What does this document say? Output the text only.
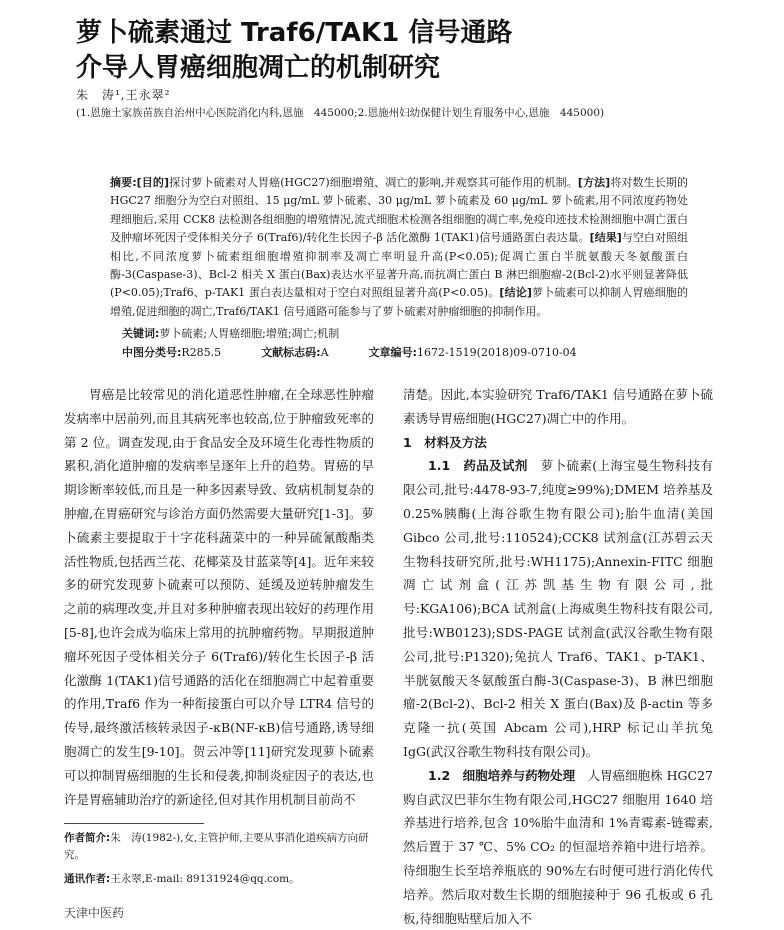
萝卜硫素通过 Traf6/TAK1 信号通路
介导人胃癌细胞凋亡的机制研究
朱　涛¹,王永翠²
(1.恩施土家族苗族自治州中心医院消化内科,恩施　445000;2.恩施州妇幼保健计划生育服务中心,恩施　445000)
摘要:[目的]探讨萝卜硫素对人胃癌(HGC27)细胞增殖、凋亡的影响,并观察其可能作用的机制。[方法]将对数生长期的 HGC27 细胞分为空白对照组、15 μg/mL 萝卜硫素、30 μg/mL 萝卜硫素及 60 μg/mL 萝卜硫素,用不同浓度药物处理细胞后,采用 CCK8 法检测各组细胞的增殖情况,流式细胞术检测各组细胞的凋亡率,免疫印迹技术检测细胞中凋亡蛋白及肿瘤坏死因子受体相关分子 6(Traf6)/转化生长因子-β 活化激酶 1(TAK1)信号通路蛋白表达量。[结果]与空白对照组相比,不同浓度萝卜硫素组细胞增殖抑制率及凋亡率明显升高(P<0.05);促凋亡蛋白半胱氨酸天冬氨酸蛋白酶-3(Caspase-3)、Bcl-2 相关 X 蛋白(Bax)表达水平显著升高,而抗凋亡蛋白 B 淋巴细胞瘤-2(Bcl-2)水平则显著降低(P<0.05);Traf6、p-TAK1 蛋白表达量相对于空白对照组显著升高(P<0.05)。[结论]萝卜硫素可以抑制人胃癌细胞的增殖,促进细胞的凋亡,Traf6/TAK1 信号通路可能参与了萝卜硫素对肿瘤细胞的抑制作用。
关键词:萝卜硫素;人胃癌细胞;增殖;凋亡;机制
中图分类号:R285.5	文献标志码:A	文章编号:1672-1519(2018)09-0710-04

胃癌是比较常见的消化道恶性肿瘤,在全球恶性肿瘤发病率中居前列,而且其病死率也较高,位于肿瘤致死率的第 2 位。调查发现,由于食品安全及环境生化毒性物质的累积,消化道肿瘤的发病率呈逐年上升的趋势。胃癌的早期诊断率较低,而且是一种多因素导致、致病机制复杂的肿瘤,在胃癌研究与诊治方面仍然需要大量研究[1-3]。萝卜硫素主要提取于十字花科蔬菜中的一种异硫氰酸酯类活性物质,包括西兰花、花椰菜及甘蓝菜等[4]。近年来较多的研究发现萝卜硫素可以预防、延缓及逆转肿瘤发生之前的病理改变,并且对多种肿瘤表现出较好的药理作用[5-8],也许会成为临床上常用的抗肿瘤药物。早期报道肿瘤坏死因子受体相关分子 6(Traf6)/转化生长因子-β 活化激酶 1(TAK1)信号通路的活化在细胞凋亡中起着重要的作用,Traf6 作为一种衔接蛋白可以介导 LTR4 信号的传导,最终激活核转录因子-κB(NF-κB)信号通路,诱导细胞凋亡的发生[9-10]。贺云冲等[11]研究发现萝卜硫素可以抑制胃癌细胞的生长和侵袭,抑制炎症因子的表达,也许是胃癌辅助治疗的新途径,但对其作用机制目前尚不

清楚。因此,本实验研究 Traf6/TAK1 信号通路在萝卜硫素诱导胃癌细胞(HGC27)凋亡中的作用。

1　材料及方法

1.1　药品及试剂　 萝卜硫素(上海宝曼生物科技有限公司,批号:4478-93-7,纯度≥99%);DMEM 培养基及 0.25%胰酶(上海谷歌生物有限公司);胎牛血清(美国 Gibco 公司,批号:110524);CCK8 试剂盒(江苏碧云天生物科技研究所,批号:WH1175);Annexin-FITC 细胞凋亡试剂盒(江苏凯基生物有限公司,批号:KGA106);BCA 试剂盒(上海威奥生物科技有限公司,批号:WB0123);SDS-PAGE 试剂盒(武汉谷歌生物有限公司,批号:P1320);兔抗人 Traf6、TAK1、p-TAK1、半胱氨酸天冬氨酸蛋白酶-3(Caspase-3)、B 淋巴细胞瘤-2(Bcl-2)、Bcl-2 相关 X 蛋白(Bax)及 β-actin 等多克隆一抗(英国 Abcam 公司),HRP 标记山羊抗兔 IgG(武汉谷歌生物科技有限公司)。

1.2　细胞培养与药物处理　 人胃癌细胞株 HGC27 购自武汉巴菲尔生物有限公司,HGC27 细胞用 1640 培养基进行培养,包含 10%胎牛血清和 1%青霉素-链霉素,然后置于 37 ℃、5% CO₂ 的恒湿培养箱中进行培养。待细胞生长至培养瓶底的 90%左右时便可进行消化传代培养。然后取对数生长期的细胞接种于 96 孔板或 6 孔板,待细胞贴壁后加入不

作者简介:朱　涛(1982-),女,主管护师,主要从事消化道疾病方向研究。
通讯作者:王永翠,E-mail: 89131924@qq.com。
天津中医药
